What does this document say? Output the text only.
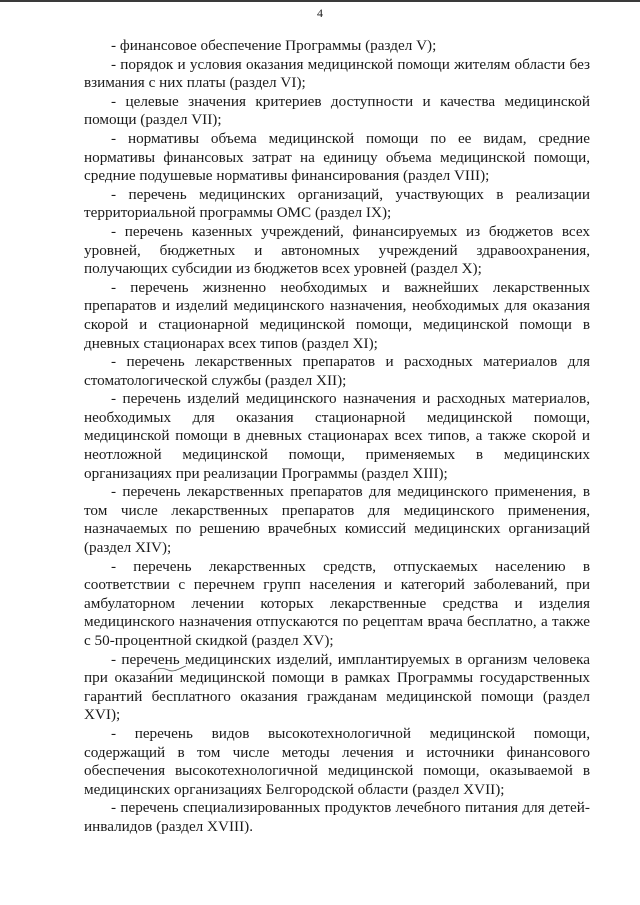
4

- финансовое обеспечение Программы (раздел V);

- порядок и условия оказания медицинской помощи жителям области без взимания с них платы (раздел VI);

- целевые значения критериев доступности и качества медицинской помощи (раздел VII);

- нормативы объема медицинской помощи по ее видам, средние нормативы финансовых затрат на единицу объема медицинской помощи, средние подушевые нормативы финансирования (раздел VIII);

- перечень медицинских организаций, участвующих в реализации территориальной программы ОМС (раздел IX);

- перечень казенных учреждений, финансируемых из бюджетов всех уровней, бюджетных и автономных учреждений здравоохранения, получающих субсидии из бюджетов всех уровней (раздел X);

- перечень жизненно необходимых и важнейших лекарственных препаратов и изделий медицинского назначения, необходимых для оказания скорой и стационарной медицинской помощи, медицинской помощи в дневных стационарах всех типов (раздел XI);

- перечень лекарственных препаратов и расходных материалов для стоматологической службы (раздел XII);

- перечень изделий медицинского назначения и расходных материалов, необходимых для оказания стационарной медицинской помощи, медицинской помощи в дневных стационарах всех типов, а также скорой и неотложной медицинской помощи, применяемых в медицинских организациях при реализации Программы (раздел XIII);

- перечень лекарственных препаратов для медицинского применения, в том числе лекарственных препаратов для медицинского применения, назначаемых по решению врачебных комиссий медицинских организаций (раздел XIV);

- перечень лекарственных средств, отпускаемых населению в соответствии с перечнем групп населения и категорий заболеваний, при амбулаторном лечении которых лекарственные средства и изделия медицинского назначения отпускаются по рецептам врача бесплатно, а также с 50-процентной скидкой (раздел XV);

- перечень медицинских изделий, имплантируемых в организм человека при оказании медицинской помощи в рамках Программы государственных гарантий бесплатного оказания гражданам медицинской помощи (раздел XVI);

- перечень видов высокотехнологичной медицинской помощи, содержащий в том числе методы лечения и источники финансового обеспечения высокотехнологичной медицинской помощи, оказываемой в медицинских организациях Белгородской области (раздел XVII);

- перечень специализированных продуктов лечебного питания для детей-инвалидов (раздел XVIII).
